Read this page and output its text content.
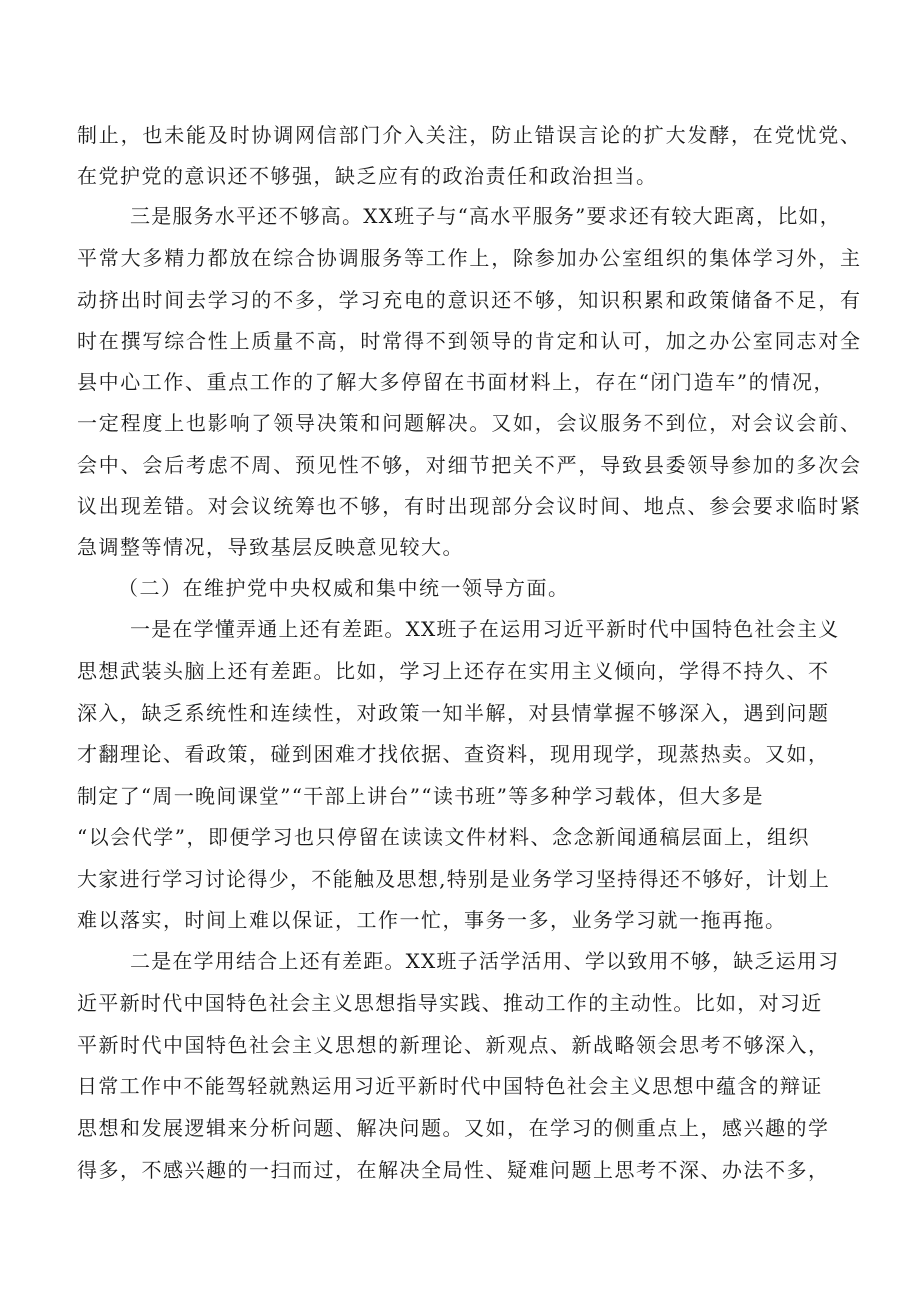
制止，也未能及时协调网信部门介入关注，防止错误言论的扩大发酵，在党忧党、
在党护党的意识还不够强，缺乏应有的政治责任和政治担当。
三是服务水平还不够高。XX班子与“高水平服务”要求还有较大距离，比如，
平常大多精力都放在综合协调服务等工作上，除参加办公室组织的集体学习外，主
动挤出时间去学习的不多，学习充电的意识还不够，知识积累和政策储备不足，有
时在撰写综合性上质量不高，时常得不到领导的肯定和认可，加之办公室同志对全
县中心工作、重点工作的了解大多停留在书面材料上，存在“闭门造车”的情况，
一定程度上也影响了领导决策和问题解决。又如，会议服务不到位，对会议会前、
会中、会后考虑不周、预见性不够，对细节把关不严，导致县委领导参加的多次会
议出现差错。对会议统筹也不够，有时出现部分会议时间、地点、参会要求临时紧
急调整等情况，导致基层反映意见较大。
（二）在维护党中央权威和集中统一领导方面。
一是在学懂弄通上还有差距。XX班子在运用习近平新时代中国特色社会主义
思想武装头脑上还有差距。比如，学习上还存在实用主义倾向，学得不持久、不
深入，缺乏系统性和连续性，对政策一知半解，对县情掌握不够深入，遇到问题
才翻理论、看政策，碰到困难才找依据、查资料，现用现学，现蒸热卖。又如，
制定了“周一晚间课堂”“干部上讲台”“读书班”等多种学习载体，但大多是
“以会代学”，即便学习也只停留在读读文件材料、念念新闻通稿层面上，组织
大家进行学习讨论得少，不能触及思想,特别是业务学习坚持得还不够好，计划上
难以落实，时间上难以保证，工作一忙，事务一多，业务学习就一拖再拖。
二是在学用结合上还有差距。XX班子活学活用、学以致用不够，缺乏运用习
近平新时代中国特色社会主义思想指导实践、推动工作的主动性。比如，对习近
平新时代中国特色社会主义思想的新理论、新观点、新战略领会思考不够深入，
日常工作中不能驾轻就熟运用习近平新时代中国特色社会主义思想中蕴含的辩证
思想和发展逻辑来分析问题、解决问题。又如，在学习的侧重点上，感兴趣的学
得多，不感兴趣的一扫而过，在解决全局性、疑难问题上思考不深、办法不多，
